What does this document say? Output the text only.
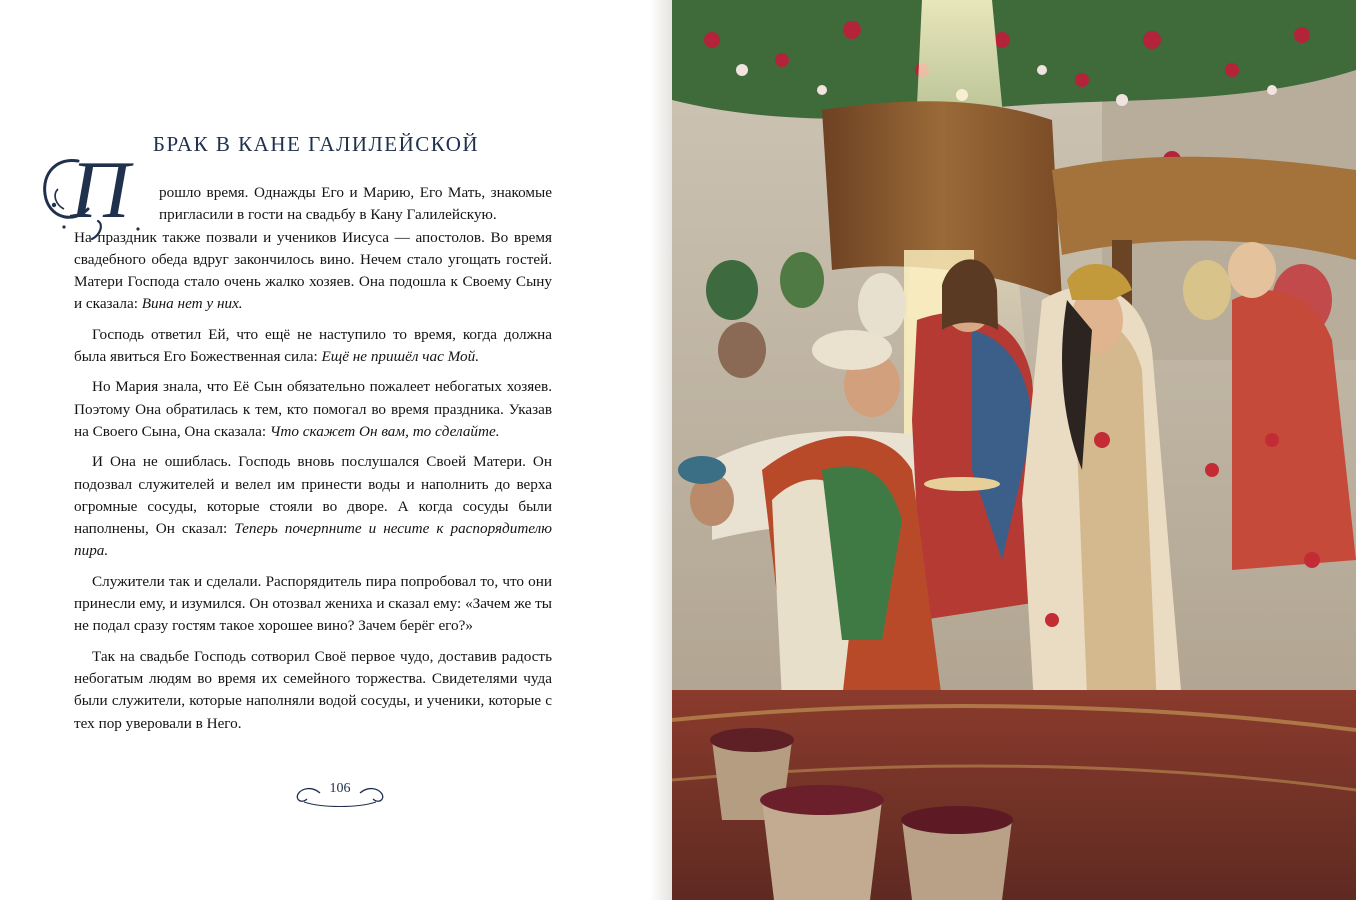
БРАК В КАНЕ ГАЛИЛЕЙСКОЙ
П	рошло время. Однажды Его и Марию, Его Мать, знакомые пригласили в гости на свадьбу в Кану Галилейскую.
На праздник также позвали и учеников Иисуса — апостолов. Во время свадебного обеда вдруг закончилось вино. Нечем стало угощать гостей. Матери Господа стало очень жалко хозяев. Она подошла к Своему Сыну и сказала: Вина нет у них.

Господь ответил Ей, что ещё не наступило то время, когда должна была явиться Его Божественная сила: Ещё не пришёл час Мой.

Но Мария знала, что Её Сын обязательно пожалеет небогатых хозяев. Поэтому Она обратилась к тем, кто помогал во время праздника. Указав на Своего Сына, Она сказала: Что скажет Он вам, то сделайте.

И Она не ошиблась. Господь вновь послушался Своей Матери. Он подозвал служителей и велел им принести воды и наполнить до верха огромные сосуды, которые стояли во дворе. А когда сосуды были наполнены, Он сказал: Теперь почерпните и несите к распорядителю пира.

Служители так и сделали. Распорядитель пира попробовал то, что они принесли ему, и изумился. Он отозвал жениха и сказал ему: «Зачем же ты не подал сразу гостям такое хорошее вино? Зачем берёг его?»

Так на свадьбе Господь сотворил Своё первое чудо, доставив радость небогатым людям во время их семейного торжества. Свидетелями чуда были служители, которые наполняли водой сосуды, и ученики, которые с тех пор уверовали в Него.

106
